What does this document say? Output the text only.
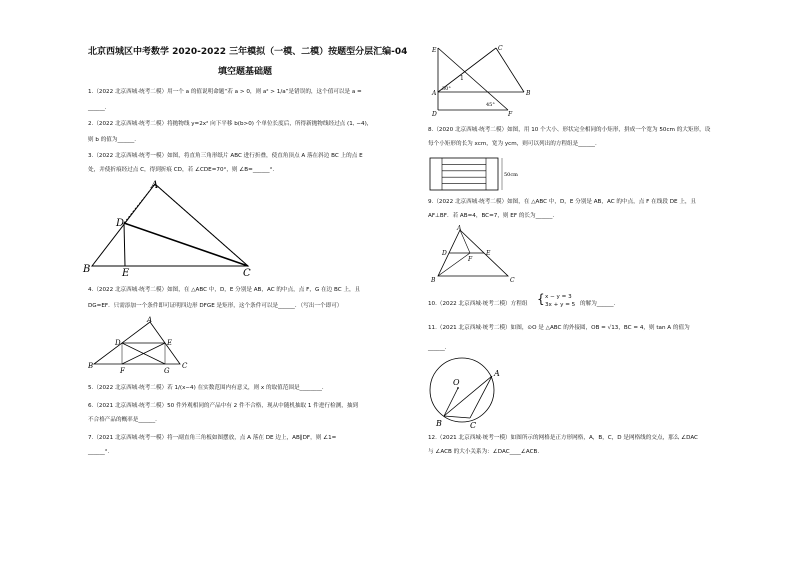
北京西城区中考数学 2020-2022 三年模拟（一模、二模）按题型分层汇编-04
填空题基础题
1.（2022 北京西城·统考二模）用一个 a 的值说明命题“若 a > 0，则 a² > 1/a”是错误的，这个值可以是 a =
______.
2.（2022 北京西城·统考二模）将抛物线 y=2x² 向下平移 b(b>0) 个单位长度后，所得新抛物线经过点 (1, −4)，
则 b 的值为______.
3.（2022 北京西城·统考一模）如图，将直角三角形纸片 ABC 进行折叠，使直角顶点 A 落在斜边 BC 上的点 E
处，并使折痕经过点 C，得到折痕 CD，若 ∠CDE=70°，则 ∠B=______°.
A
D
B	E	C
4.（2022 北京西城·统考二模）如图，在 △ABC 中，D，E 分别是 AB，AC 的中点，点 F，G 在边 BC 上，且
DG=EF．只需添加一个条件即可证明四边形 DFGE 是矩形，这个条件可以是______．（写出一个即可）
A
D	E
B
F	G
C
5.（2022 北京西城·统考二模）若 1/(x−4) 在实数范围内有意义，则 x 的取值范围是________.
6.（2021 北京西城·统考二模）50 件外观相同的产品中有 2 件不合格，现从中随机抽取 1 件进行检测，抽到
不合格产品的概率是______.
7.（2021 北京西城·统考一模）将一副直角三角板如图摆放，点 A 落在 DE 边上，AB∥DF，则 ∠1=
______°.
E	C
1
A
30°
B
45°
D	F
8.（2020 北京西城·统考二模）如图，用 10 个大小、形状完全相同的小矩形，拼成一个宽为 50cm 的大矩形，设
每个小矩形的长为 xcm，宽为 ycm，则可以列出的方程组是______.
50cm
9.（2022 北京西城·统考二模）如图，在 △ABC 中，D，E 分别是 AB，AC 的中点，点 F 在线段 DE 上，且
AF⊥BF．若 AB=4，BC=7，则 EF 的长为______.
A
D
F
E
B	C
10.（2022 北京西城·统考二模）方程组 { x − y = 3
3x + y = 5 的解为______.
11.（2021 北京西城·统考二模）如图，⊙O 是 △ABC 的外接圆，OB = √13，BC = 4，则 tan A 的值为
______.
A
O
B	C
12.（2021 北京西城·统考一模）如图所示的网格是正方形网格，A，B，C，D 是网格线的交点，那么 ∠DAC
与 ∠ACB 的大小关系为：∠DAC____∠ACB.
